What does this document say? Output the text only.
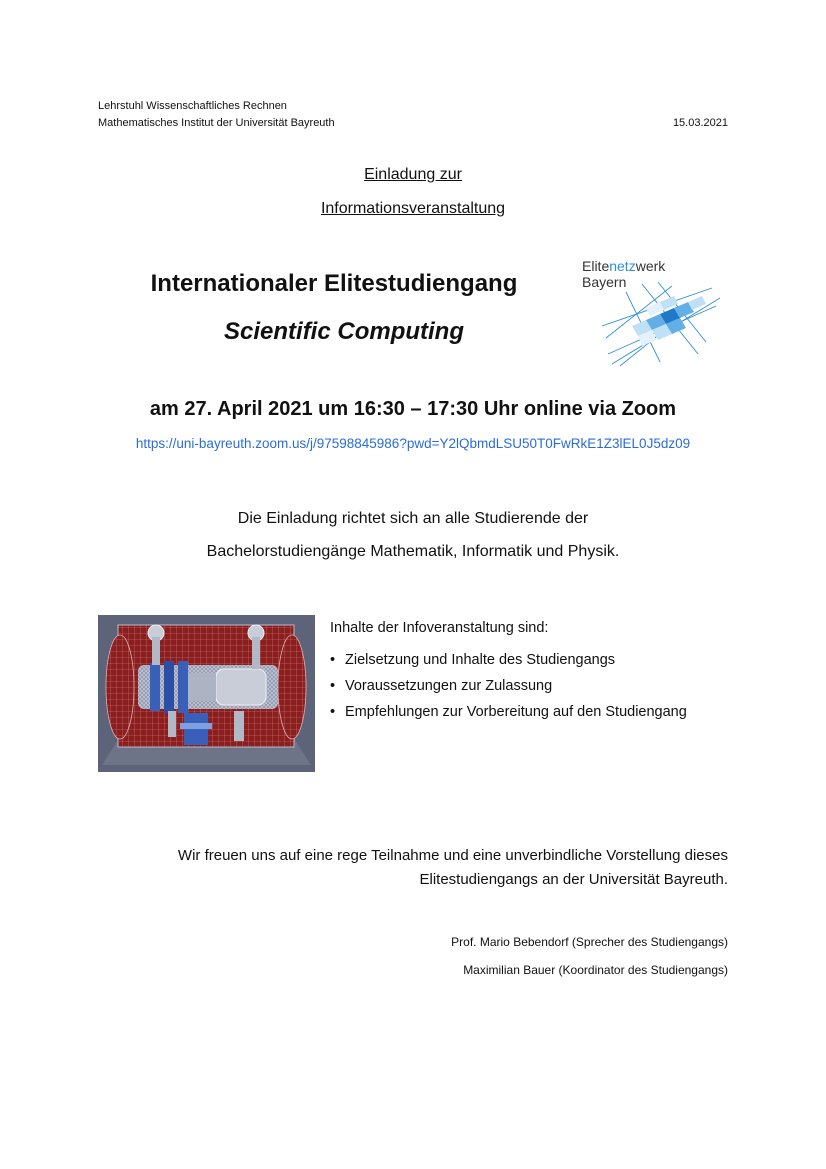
Lehrstuhl Wissenschaftliches Rechnen
Mathematisches Institut der Universität Bayreuth	15.03.2021
Einladung zur
Informationsveranstaltung
Internationaler Elitestudiengang
Scientific Computing
Elitenetzwerk
Bayern
am 27. April 2021 um 16:30 – 17:30 Uhr online via Zoom
https://uni-bayreuth.zoom.us/j/97598845986?pwd=Y2lQbmdLSU50T0FwRkE1Z3lEL0J5dz09
Die Einladung richtet sich an alle Studierende der
Bachelorstudiengänge Mathematik, Informatik und Physik.
Inhalte der Infoveranstaltung sind:
• Zielsetzung und Inhalte des Studiengangs
• Voraussetzungen zur Zulassung
• Empfehlungen zur Vorbereitung auf den Studiengang
Wir freuen uns auf eine rege Teilnahme und eine unverbindliche Vorstellung dieses
Elitestudiengangs an der Universität Bayreuth.
Prof. Mario Bebendorf (Sprecher des Studiengangs)
Maximilian Bauer (Koordinator des Studiengangs)
